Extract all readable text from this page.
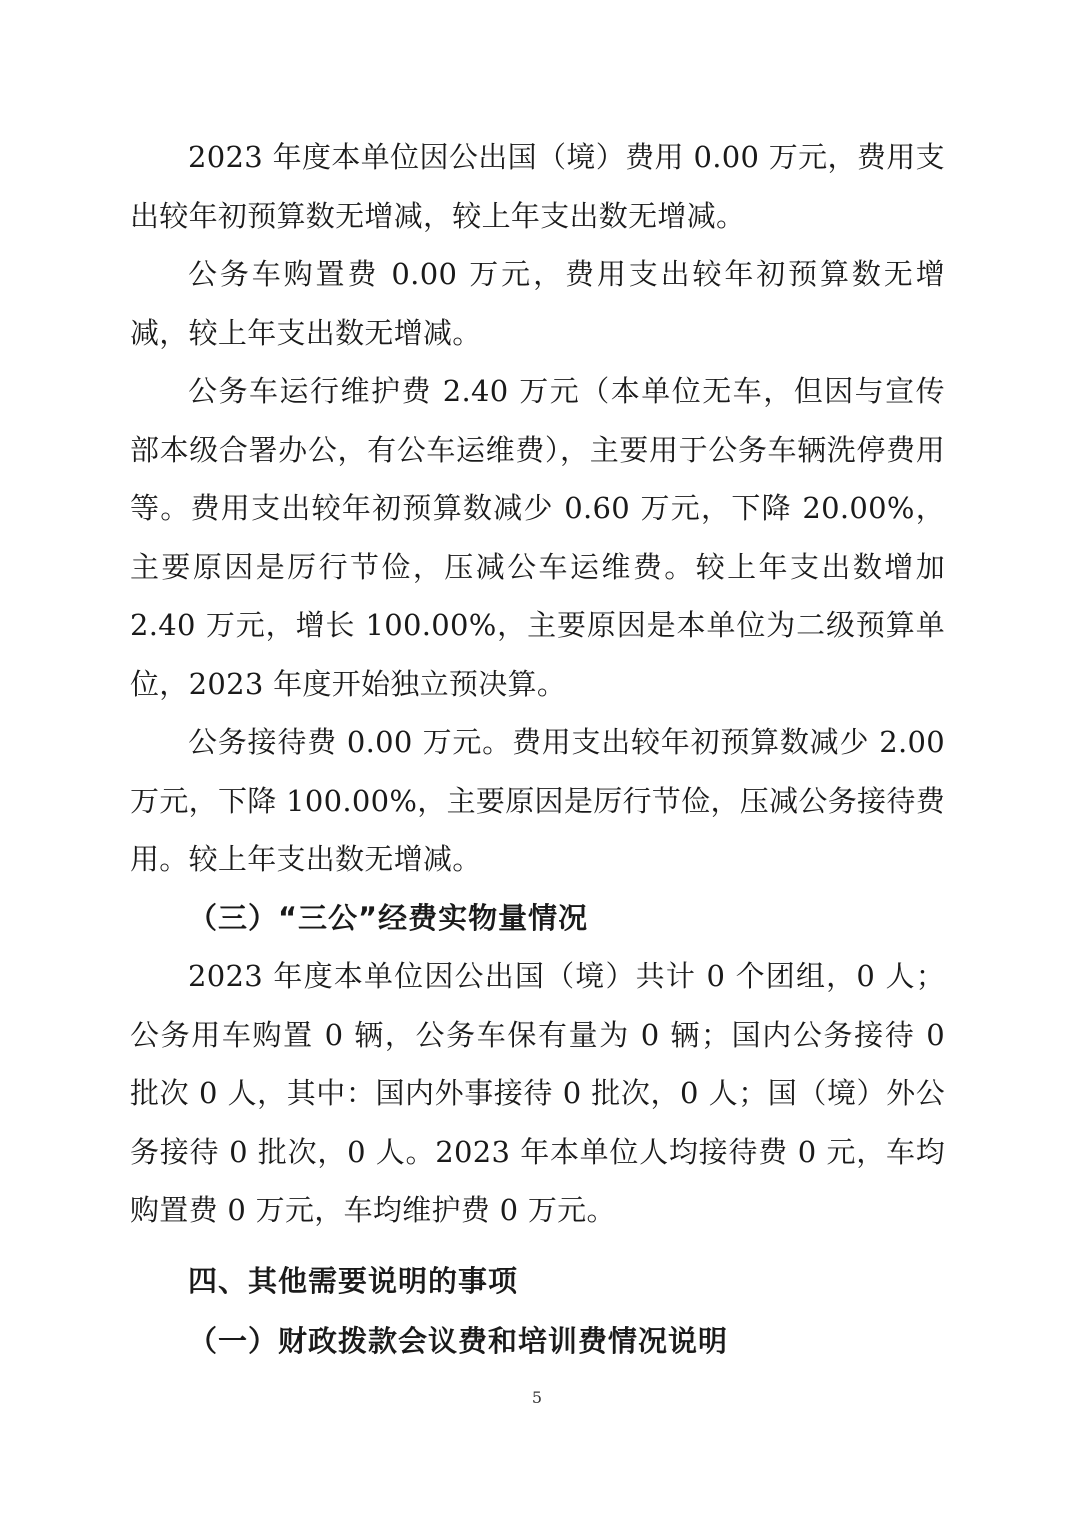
2023 年度本单位因公出国（境）费用 0.00 万元，费用支出较年初预算数无增减，较上年支出数无增减。

公务车购置费 0.00 万元，费用支出较年初预算数无增减，较上年支出数无增减。

公务车运行维护费 2.40 万元（本单位无车，但因与宣传部本级合署办公，有公车运维费），主要用于公务车辆洗停费用等。费用支出较年初预算数减少 0.60 万元，下降 20.00%，主要原因是厉行节俭，压减公车运维费。较上年支出数增加 2.40 万元，增长 100.00%，主要原因是本单位为二级预算单位，2023 年度开始独立预决算。

公务接待费 0.00 万元。费用支出较年初预算数减少 2.00 万元，下降 100.00%，主要原因是厉行节俭，压减公务接待费用。较上年支出数无增减。

（三）“三公”经费实物量情况

2023 年度本单位因公出国（境）共计 0 个团组，0 人；公务用车购置 0 辆，公务车保有量为 0 辆；国内公务接待 0 批次 0 人，其中：国内外事接待 0 批次，0 人；国（境）外公务接待 0 批次，0 人。2023 年本单位人均接待费 0 元，车均购置费 0 万元，车均维护费 0 万元。

四、其他需要说明的事项

（一）财政拨款会议费和培训费情况说明

5
